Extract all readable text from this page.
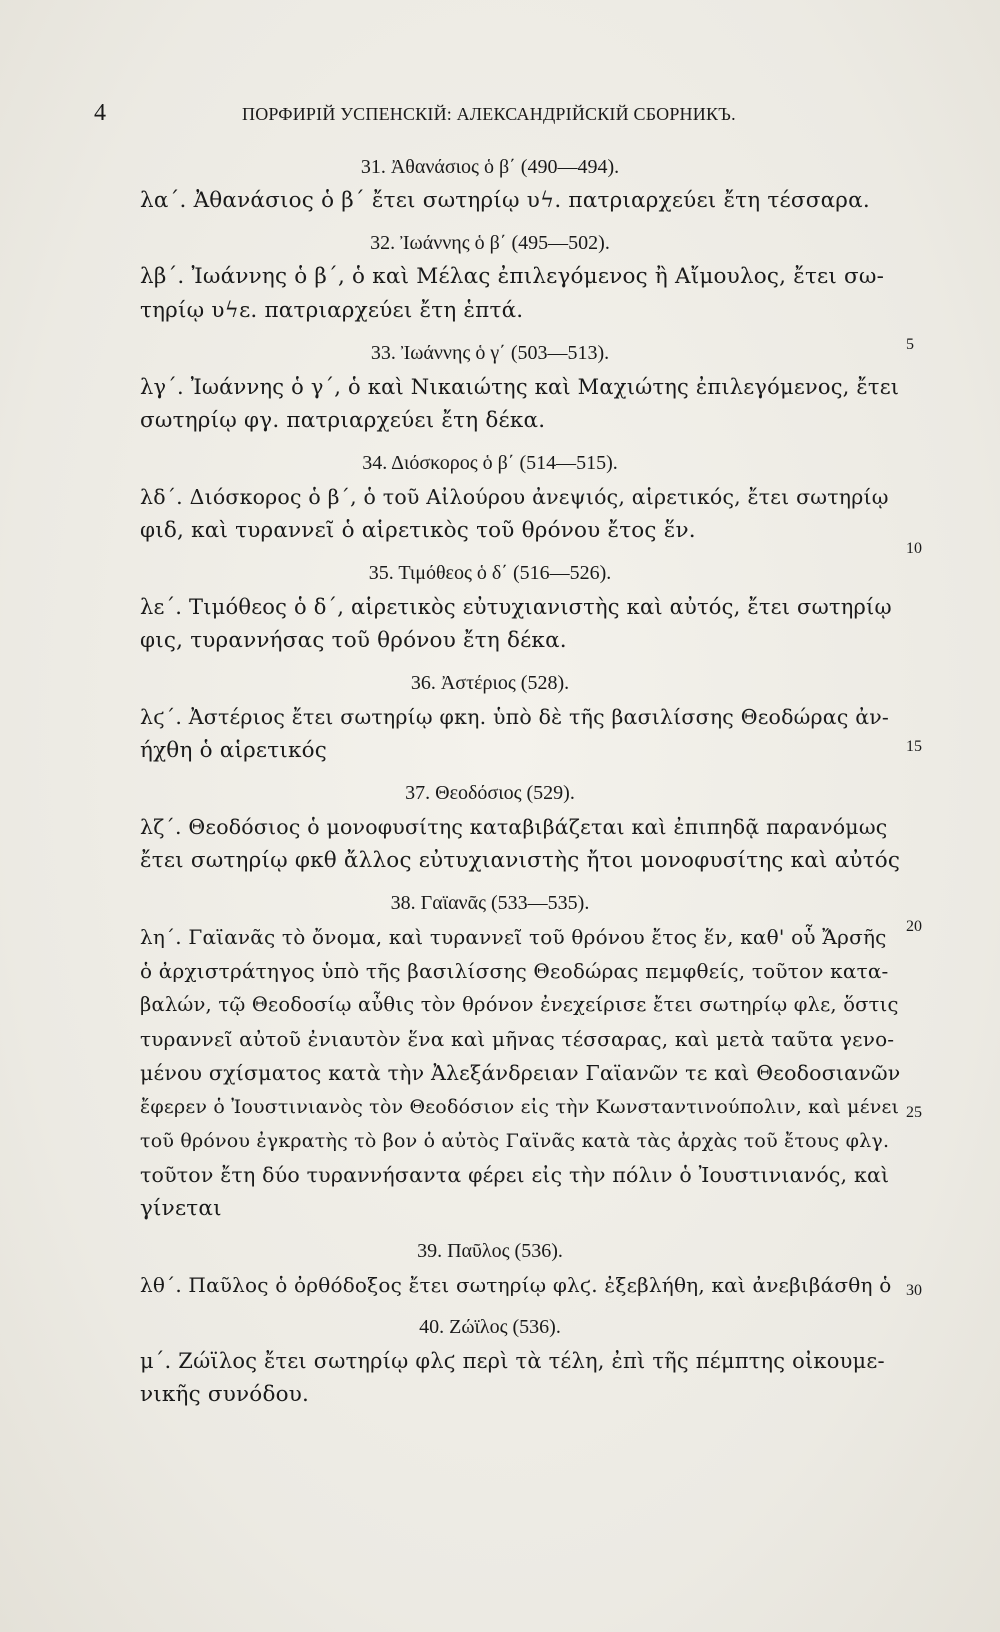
4	ПОРФИРІЙ УСПЕНСКІЙ: АЛЕКСАНДРІЙСКІЙ СБОРНИКЪ.
31. Ἀθανάσιος ὁ β΄ (490—494).
λα΄. Ἀθανάσιος ὁ β΄ ἔτει σωτηρίῳ υϟ. πατριαρχεύει ἔτη τέσσαρα.
32. Ἰωάννης ὁ β΄ (495—502).
λβ΄. Ἰωάννης ὁ β΄, ὁ καὶ Μέλας ἐπιλεγόμενος ἢ Αἴμουλος, ἔτει σω-
τηρίῳ υϟε. πατριαρχεύει ἔτη ἑπτά.
33. Ἰωάννης ὁ γ΄ (503—513).
λγ΄. Ἰωάννης ὁ γ΄, ὁ καὶ Νικαιώτης καὶ Μαχιώτης ἐπιλεγόμενος, ἔτει
σωτηρίῳ φγ. πατριαρχεύει ἔτη δέκα.
34. Διόσκορος ὁ β΄ (514—515).
λδ΄. Διόσκορος ὁ β΄, ὁ τοῦ Αἰλούρου ἀνεψιός, αἱρετικός, ἔτει σωτηρίῳ
φιδ, καὶ τυραννεῖ ὁ αἱρετικὸς τοῦ θρόνου ἔτος ἕν.
35. Τιμόθεος ὁ δ΄ (516—526).
λε΄. Τιμόθεος ὁ δ΄, αἱρετικὸς εὐτυχιανιστὴς καὶ αὐτός, ἔτει σωτηρίῳ
φις, τυραννήσας τοῦ θρόνου ἔτη δέκα.
36. Ἀστέριος (528).
λϛ΄. Ἀστέριος ἔτει σωτηρίῳ φκη. ὑπὸ δὲ τῆς βασιλίσσης Θεοδώρας ἀν-
ήχθη ὁ αἱρετικός
37. Θεοδόσιος (529).
λζ΄. Θεοδόσιος ὁ μονοφυσίτης καταβιβάζεται καὶ ἐπιπηδᾷ παρανόμως
ἔτει σωτηρίῳ φκθ ἄλλος εὐτυχιανιστὴς ἤτοι μονοφυσίτης καὶ αὐτός
38. Γαϊανᾶς (533—535).
λη΄. Γαϊανᾶς τὸ ὄνομα, καὶ τυραννεῖ τοῦ θρόνου ἔτος ἕν, καθ' οὗ Ἄρσῆς
ὁ ἀρχιστράτηγος ὑπὸ τῆς βασιλίσσης Θεοδώρας πεμφθείς, τοῦτον κατα-
βαλών, τῷ Θεοδοσίῳ αὖθις τὸν θρόνον ἐνεχείρισε ἔτει σωτηρίῳ φλε, ὅστις
τυραννεῖ αὐτοῦ ἐνιαυτὸν ἕνα καὶ μῆνας τέσσαρας, καὶ μετὰ ταῦτα γενο-
μένου σχίσματος κατὰ τὴν Ἀλεξάνδρειαν Γαϊανῶν τε καὶ Θεοδοσιανῶν
ἔφερεν ὁ Ἰουστινιανὸς τὸν Θεοδόσιον εἰς τὴν Κωνσταντινούπολιν, καὶ μένει
τοῦ θρόνου ἐγκρατὴς τὸ βον ὁ αὐτὸς Γαϊνᾶς κατὰ τὰς ἀρχὰς τοῦ ἔτους φλγ.
τοῦτον ἔτη δύο τυραννήσαντα φέρει εἰς τὴν πόλιν ὁ Ἰουστινιανός, καὶ
γίνεται
39. Παῦλος (536).
λθ΄. Παῦλος ὁ ὀρθόδοξος ἔτει σωτηρίῳ φλϛ. ἐξεβλήθη, καὶ ἀνεβιβάσθη ὁ
40. Ζώϊλος (536).
μ΄. Ζώϊλος ἔτει σωτηρίῳ φλϛ περὶ τὰ τέλη, ἐπὶ τῆς πέμπτης οἰκουμε-
νικῆς συνόδου.
5
10
15
20
25
30
